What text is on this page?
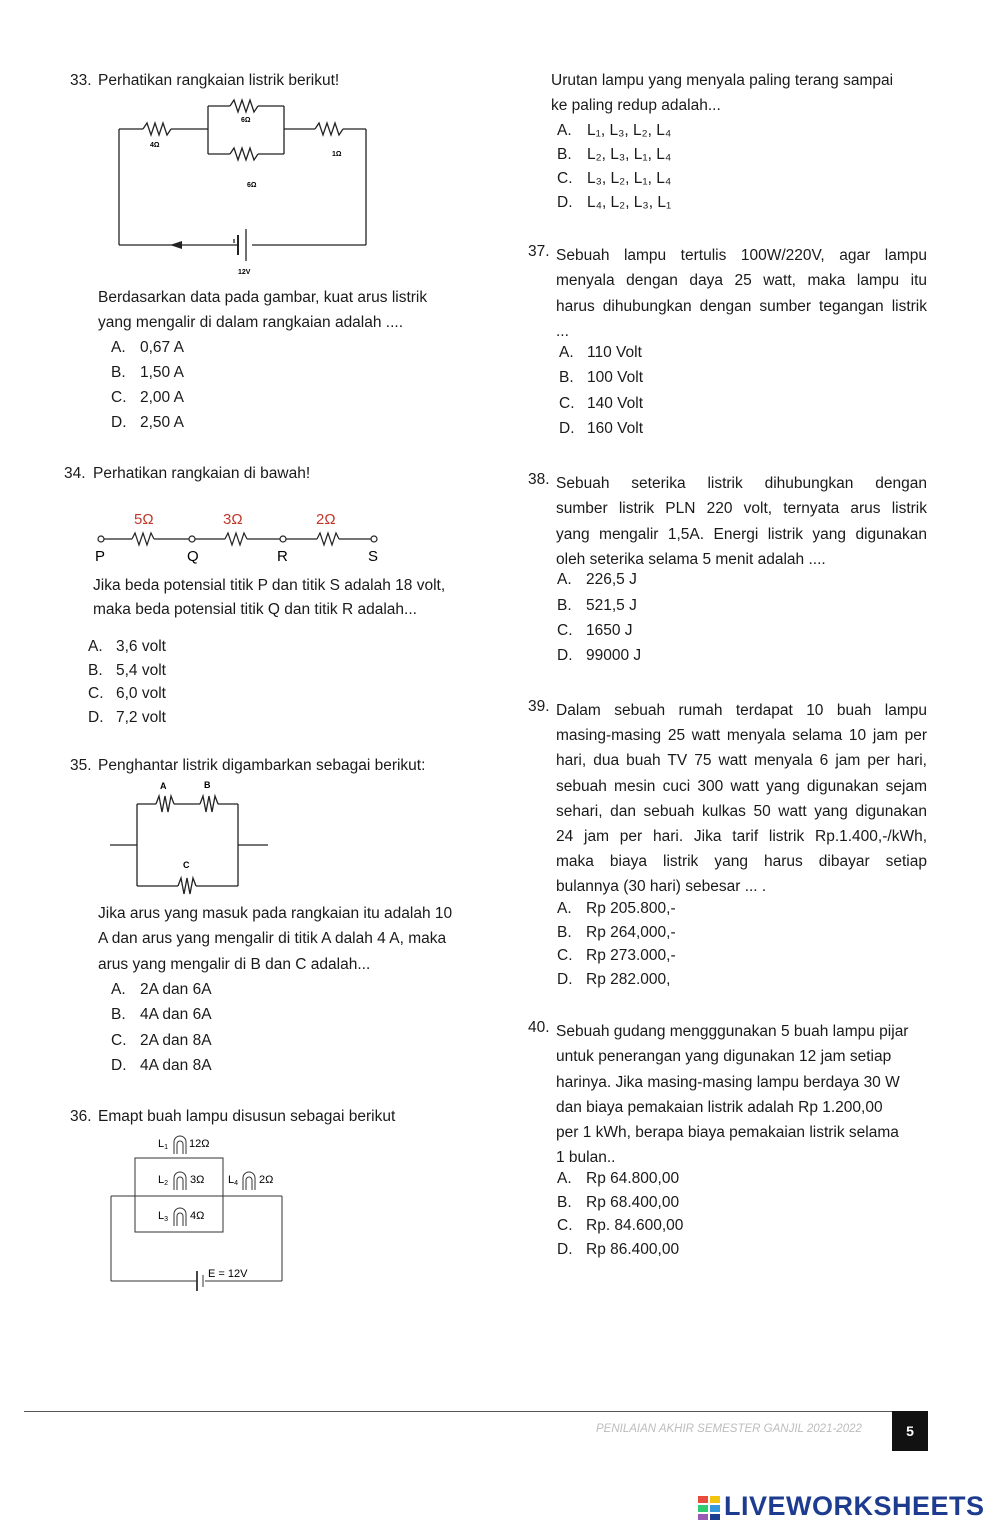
33. Perhatikan rangkaian listrik berikut!
6Ω
4Ω
1Ω
6Ω
12V
Berdasarkan data pada gambar, kuat arus listrik
yang mengalir di dalam rangkaian adalah ....
A. 0,67 A
B. 1,50 A
C. 2,00 A
D. 2,50 A
34. Perhatikan rangkaian di bawah!
5Ω	3Ω	2Ω
P	Q	R	S
Jika beda potensial titik P dan titik S adalah 18 volt,
maka beda potensial titik Q dan titik R adalah...
A. 3,6 volt
B. 5,4 volt
C. 6,0 volt
D. 7,2 volt
35. Penghantar listrik digambarkan sebagai berikut:
A	B
C
Jika arus yang masuk pada rangkaian itu adalah 10
A dan arus yang mengalir di titik A dalah 4 A, maka
arus yang mengalir di B dan C adalah...
A. 2A dan 6A
B. 4A dan 6A
C. 2A dan 8A
D. 4A dan 8A
36. Emapt buah lampu disusun sebagai berikut
L1 12Ω
L2 3Ω
L3 4Ω
L4 2Ω
E = 12V
Urutan lampu yang menyala paling terang sampai
ke paling redup adalah...
A. L₁, L₃, L₂, L₄
B. L₂, L₃, L₁, L₄
C. L₃, L₂, L₁, L₄
D. L₄, L₂, L₃, L₁
37. Sebuah lampu tertulis 100W/220V, agar lampu
menyala dengan daya 25 watt, maka lampu itu
harus dihubungkan dengan sumber tegangan listrik
...
A. 110 Volt
B. 100 Volt
C. 140 Volt
D. 160 Volt
38. Sebuah seterika listrik dihubungkan dengan
sumber listrik PLN 220 volt, ternyata arus listrik
yang mengalir 1,5A. Energi listrik yang digunakan
oleh seterika selama 5 menit adalah ....
A. 226,5 J
B. 521,5 J
C. 1650 J
D. 99000 J
39. Dalam sebuah rumah terdapat 10 buah lampu
masing-masing 25 watt menyala selama 10 jam per
hari, dua buah TV 75 watt menyala 6 jam per hari,
sebuah mesin cuci 300 watt yang digunakan sejam
sehari, dan sebuah kulkas 50 watt yang digunakan
24 jam per hari. Jika tarif listrik Rp.1.400,-/kWh,
maka biaya listrik yang harus dibayar setiap
bulannya (30 hari) sebesar ... .
A. Rp 205.800,-
B. Rp 264,000,-
C. Rp 273.000,-
D. Rp 282.000,
40. Sebuah gudang mengggunakan 5 buah lampu pijar
untuk penerangan yang digunakan 12 jam setiap
harinya. Jika masing-masing lampu berdaya 30 W
dan biaya pemakaian listrik adalah Rp 1.200,00
per 1 kWh, berapa biaya pemakaian listrik selama
1 bulan..
A. Rp 64.800,00
B. Rp 68.400,00
C. Rp. 84.600,00
D. Rp 86.400,00
PENILAIAN AKHIR SEMESTER GANJIL 2021-2022	5
LIVEWORKSHEETS
